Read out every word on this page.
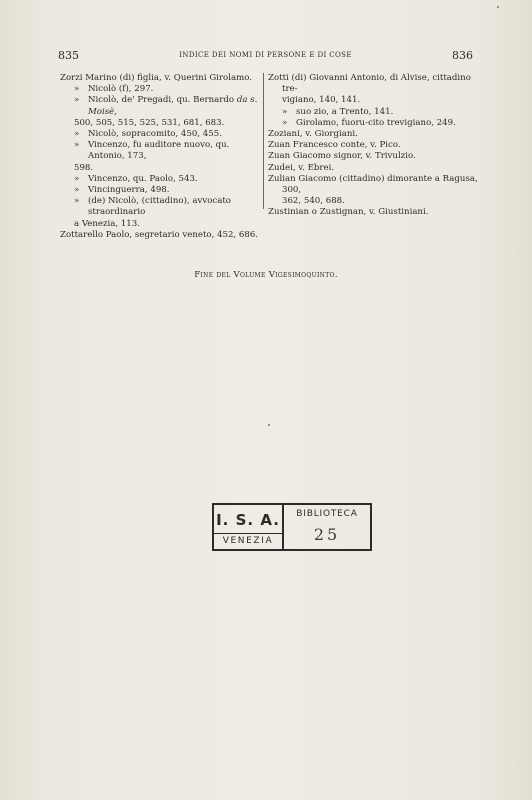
835	INDICE DEI NOMI DI PERSONE E DI COSE	836

Zorzi Marino (di) figlia, v. Querini Girolamo.

» Nicolò (f), 297.

» Nicolò, de' Pregadi, qu. Bernardo da s. Moisè,

500, 505, 515, 525, 531, 681, 683.

» Nicolò, sopracomito, 450, 455.

» Vincenzo, fu auditore nuovo, qu. Antonio, 173,

598.

» Vincenzo, qu. Paolo, 543.

» Vincinguerra, 498.

» (de) Nicolò, (cittadino), avvocato straordinario

a Venezia, 113.

Zottarello Paolo, segretario veneto, 452, 686.

Zotti (di) Giovanni Antonio, di Alvise, cittadino tre-

vigiano, 140, 141.

» suo zio, a Trento, 141.

» Girolamo, fuoru-cito trevigiano, 249.

Zoziani, v. Giorgiani.

Zuan Francesco conte, v. Pico.

Zuan Giacomo signor, v. Trivulzio.

Zudei, v. Ebrei.

Zulian Giacomo (cittadino) dimorante a Ragusa, 300,

362, 540, 688.

Zustinian o Zustignan, v. Giustiniani.

Fine del Volume Vigesimoquinto.
I. S. A.
VENEZIA
BIBLIOTECA
25
